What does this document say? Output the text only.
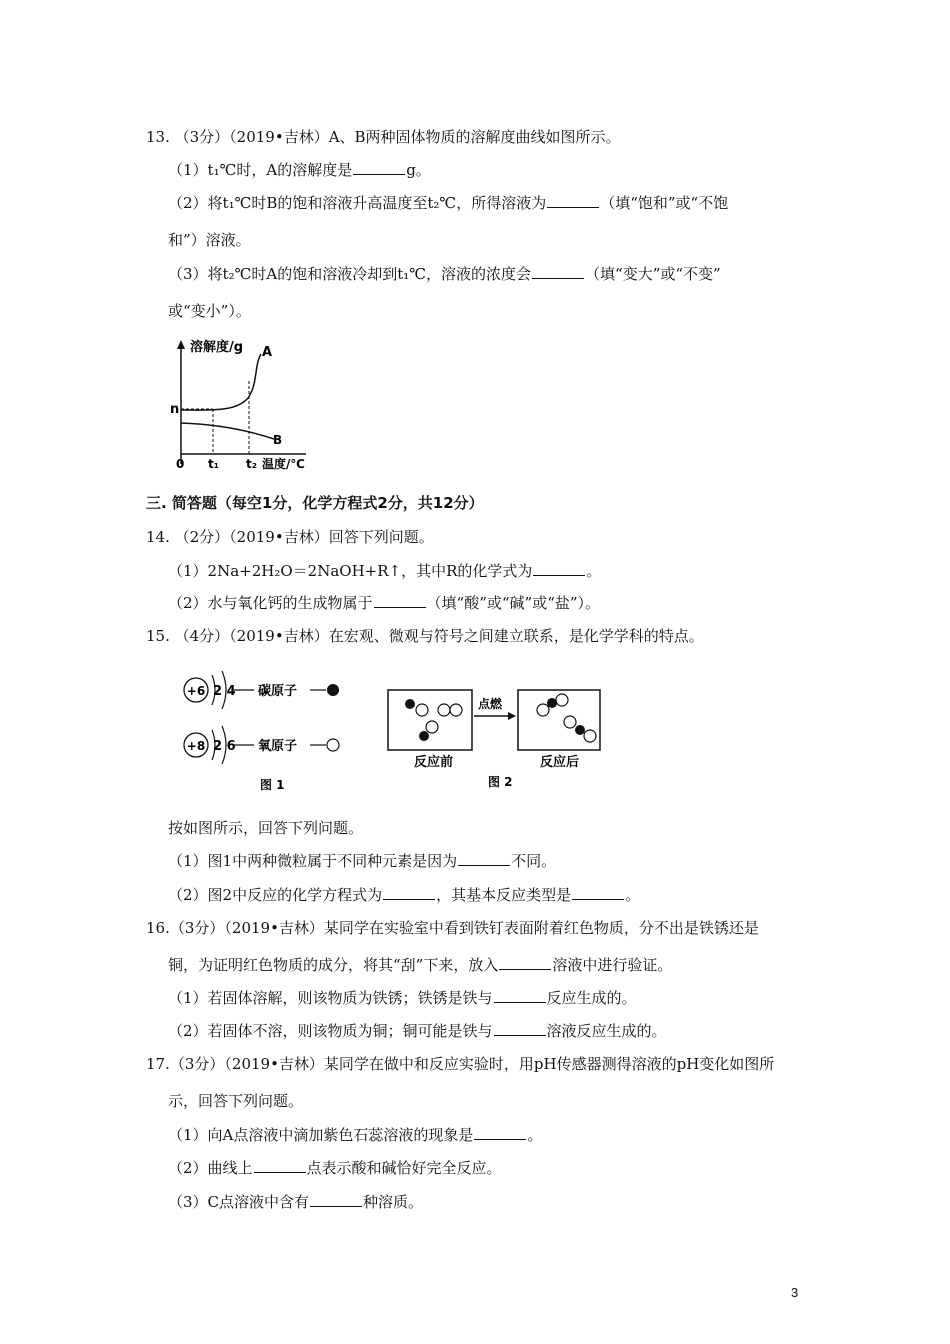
13. （3分）（2019•吉林）A、B两种固体物质的溶解度曲线如图所示。
（1）t₁℃时，A的溶解度是	g。
（2）将t₁℃时B的饱和溶液升高温度至t₂℃，所得溶液为	（填“饱和”或“不饱
和”）溶液。
（3）将t₂℃时A的饱和溶液冷却到t₁℃，溶液的浓度会	（填“变大”或“不变”
或“变小”）。
溶解度/g A
n
B
0 t₁ t₂ 温度/℃
三. 简答题（每空1分，化学方程式2分，共12分）
14. （2分）（2019•吉林）回答下列问题。
（1）2Na+2H₂O＝2NaOH+R↑，其中R的化学式为	。
（2）水与氧化钙的生成物属于	（填“酸”或“碱”或“盐”）。
15. （4分）（2019•吉林）在宏观、微观与符号之间建立联系，是化学学科的特点。
+6 2 4 碳原子
+8 2 6 氧原子
图 1
点燃
反应前	反应后
图 2
按如图所示，回答下列问题。
（1）图1中两种微粒属于不同种元素是因为	不同。
（2）图2中反应的化学方程式为	，其基本反应类型是	。
16.（3分）（2019•吉林）某同学在实验室中看到铁钉表面附着红色物质，分不出是铁锈还是
铜，为证明红色物质的成分，将其“刮”下来，放入	溶液中进行验证。
（1）若固体溶解，则该物质为铁锈；铁锈是铁与	反应生成的。
（2）若固体不溶，则该物质为铜；铜可能是铁与	溶液反应生成的。
17.（3分）（2019•吉林）某同学在做中和反应实验时，用pH传感器测得溶液的pH变化如图所
示，回答下列问题。
（1）向A点溶液中滴加紫色石蕊溶液的现象是	。
（2）曲线上	点表示酸和碱恰好完全反应。
（3）C点溶液中含有	种溶质。
3
